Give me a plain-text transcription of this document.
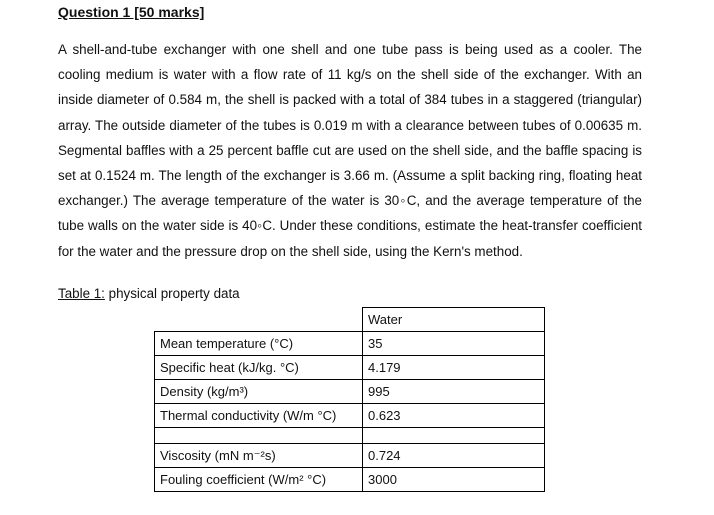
Question 1 [50 marks]

A shell-and-tube exchanger with one shell and one tube pass is being used as a cooler. The cooling medium is water with a flow rate of 11 kg/s on the shell side of the exchanger. With an inside diameter of 0.584 m, the shell is packed with a total of 384 tubes in a staggered (triangular) array. The outside diameter of the tubes is 0.019 m with a clearance between tubes of 0.00635 m. Segmental baffles with a 25 percent baffle cut are used on the shell side, and the baffle spacing is set at 0.1524 m. The length of the exchanger is 3.66 m. (Assume a split backing ring, floating heat exchanger.) The average temperature of the water is 30◦C, and the average temperature of the tube walls on the water side is 40◦C. Under these conditions, estimate the heat-transfer coefficient for the water and the pressure drop on the shell side, using the Kern's method.

Table 1: physical property data
	Water
Mean temperature (°C)	35
Specific heat (kJ/kg. °C)	4.179
Density (kg/m³)	995
Thermal conductivity (W/m °C)	0.623

Viscosity (mN m⁻²s)	0.724
Fouling coefficient (W/m² °C)	3000
